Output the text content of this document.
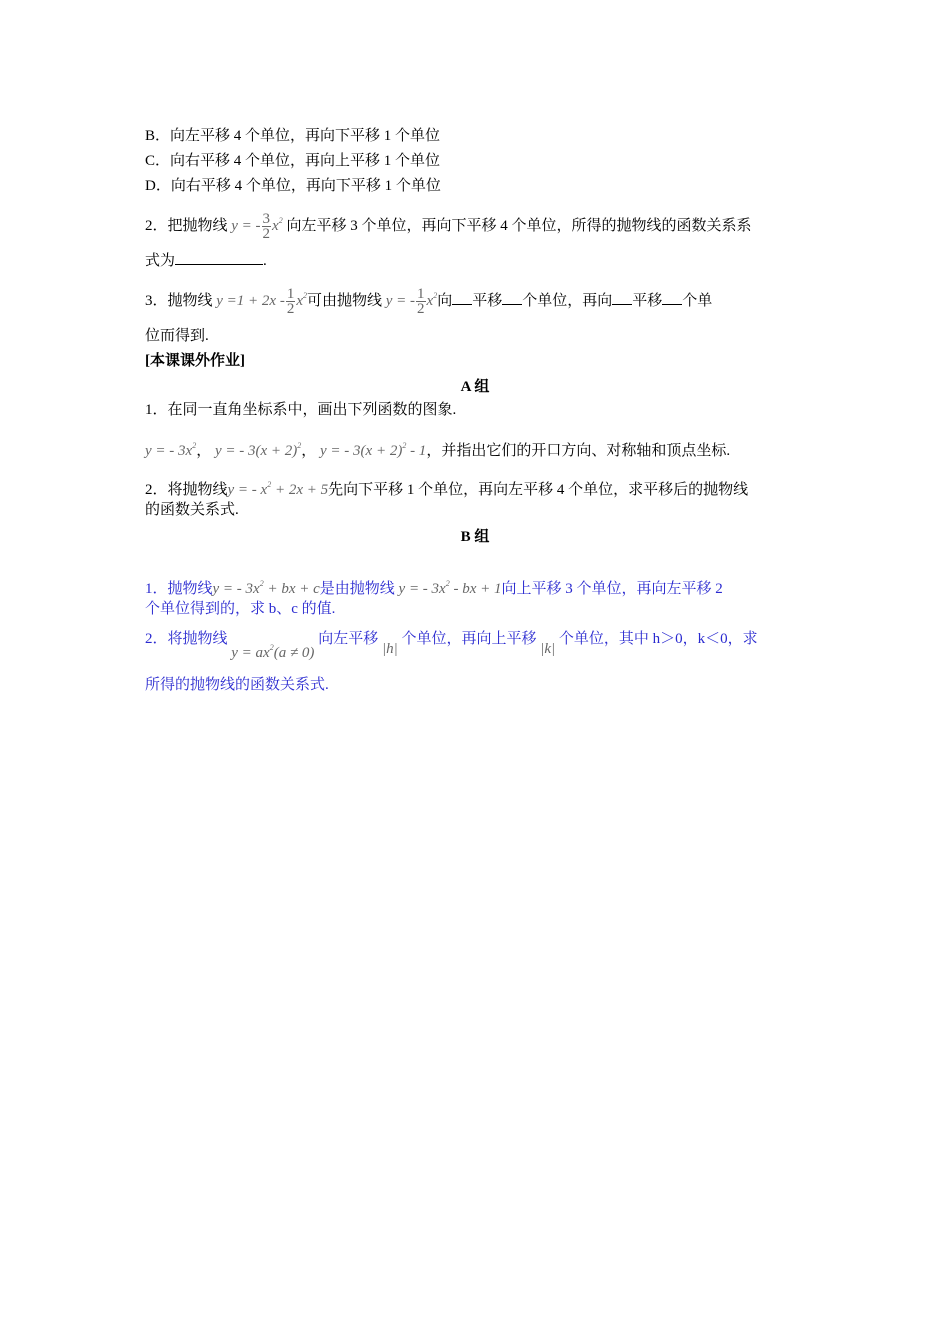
B．向左平移 4 个单位，再向下平移 1 个单位
C．向右平移 4 个单位，再向上平移 1 个单位
D．向右平移 4 个单位，再向下平移 1 个单位
2．把抛物线 y = - $\frac{3}{2} x^2$ 向左平移 3 个单位，再向下平移 4 个单位，所得的抛物线的函数关系系
式为	.
3．抛物线 $y =1 + 2x - \frac{1}{2} x^2$可由抛物线 y = - $\frac{1}{2} x^2$向 平移 个单位，再向 平移 个单
位而得到.
[本课课外作业]
A 组
1．在同一直角坐标系中，画出下列函数的图象.
y = - $3x^2$， y = - $3(x + 2)^2$， y = - $3(x + 2)^2 - 1$，并指出它们的开口方向、对称轴和顶点坐标.
2．将抛物线y = - $x^2 + 2x + 5$先向下平移 1 个单位，再向左平移 4 个单位，求平移后的抛物线
的函数关系式.
B 组
1．抛物线y = - $3x^2$ + bx + c是由抛物线 y = - $3x^2$ - bx + 1向上平移 3 个单位，再向左平移 2
个单位得到的，求 b、c 的值.
2．将抛物线 $y = ax^2(a \ne 0)$ 向左平移 |h| 个单位，再向上平移 |k| 个单位，其中 h＞0，k＜0，求
所得的抛物线的函数关系式.
